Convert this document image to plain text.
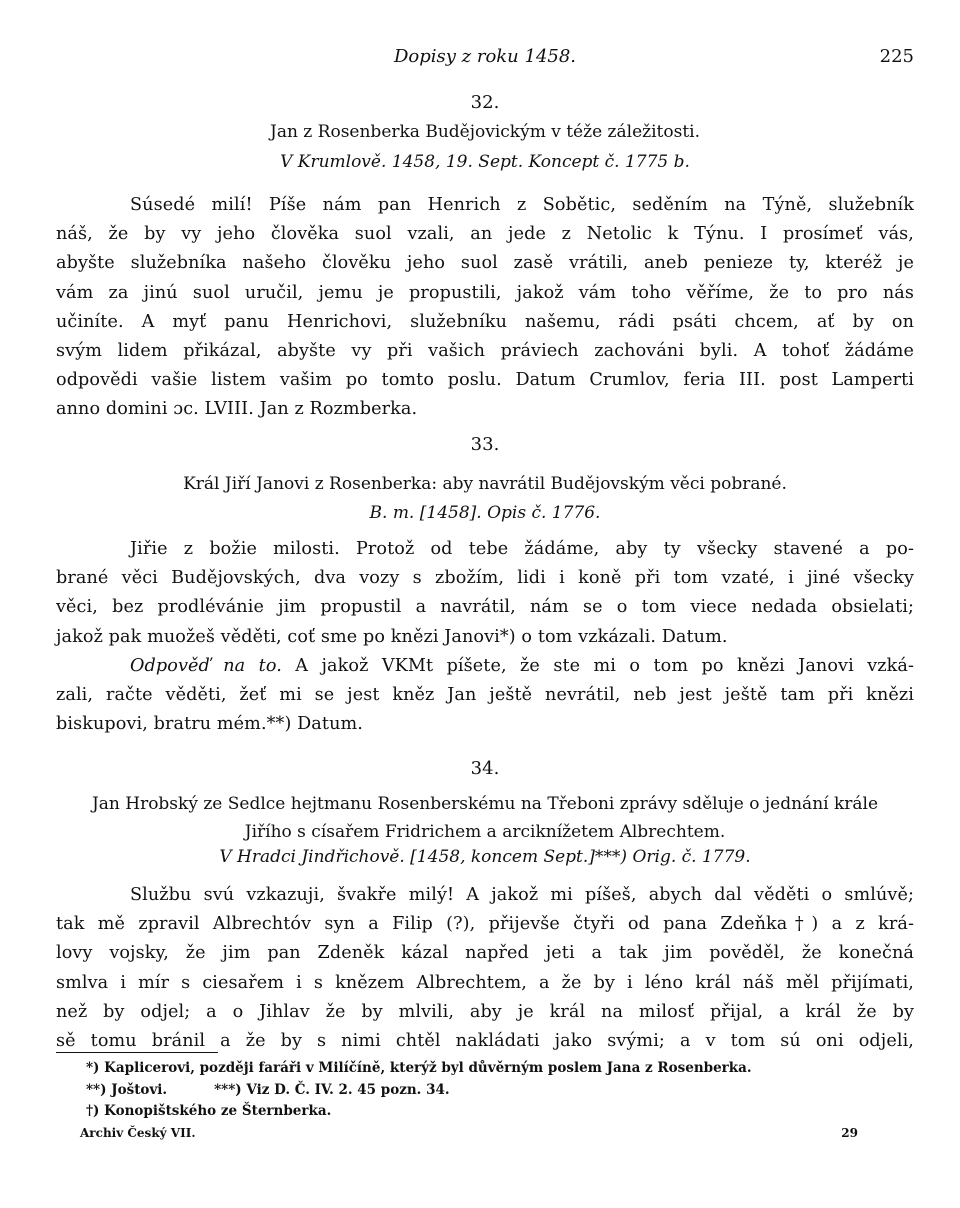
Dopisy z roku 1458.	225
32.
Jan z Rosenberka Budějovickým v téže záležitosti.
V Krumlově. 1458, 19. Sept. Koncept č. 1775 b.
Súsedé milí! Píše nám pan Henrich z Sobětic, seděním na Týně, služebník
náš, že by vy jeho člověka suol vzali, an jede z Netolic k Týnu. I prosímeť vás,
abyšte služebníka našeho člověku jeho suol zasě vrátili, aneb penieze ty, kteréž je
vám za jinú suol uručil, jemu je propustili, jakož vám toho věříme, že to pro nás
učiníte. A myť panu Henrichovi, služebníku našemu, rádi psáti chcem, ať by on
svým lidem přikázal, abyšte vy při vašich práviech zachováni byli. A tohoť žádáme
odpovědi vašie listem vašim po tomto poslu. Datum Crumlov, feria III. post Lamperti
anno domini ɔc. LVIII. Jan z Rozmberka.
33.
Král Jiří Janovi z Rosenberka: aby navrátil Budějovským věci pobrané.
B. m. [1458]. Opis č. 1776.
Jiřie z božie milosti. Protož od tebe žádáme, aby ty všecky stavené a po-
brané věci Budějovských, dva vozy s zbožím, lidi i koně při tom vzaté, i jiné všecky
věci, bez prodlévánie jim propustil a navrátil, nám se o tom viece nedada obsielati;
jakož pak muožeš věděti, coť sme po knězi Janovi*) o tom vzkázali. Datum.
Odpověď na to. A jakož VKMt píšete, že ste mi o tom po knězi Janovi vzká-
zali, račte věděti, žeť mi se jest kněz Jan ještě nevrátil, neb jest ještě tam při knězi
biskupovi, bratru mém.**) Datum.
34.
Jan Hrobský ze Sedlce hejtmanu Rosenberskému na Třeboni zprávy sděluje o jednání krále
Jiřího s císařem Fridrichem a arciknížetem Albrechtem.
V Hradci Jindřichově. [1458, koncem Sept.]***) Orig. č. 1779.
Službu svú vzkazuji, švakře milý! A jakož mi píšeš, abych dal věděti o smlúvě;
tak mě zpravil Albrechtóv syn a Filip (?), přijevše čtyři od pana Zdeňka†) a z krá-
lovy vojsky, že jim pan Zdeněk kázal napřed jeti a tak jim pověděl, že konečná
smlva i mír s ciesařem i s knězem Albrechtem, a že by i léno král náš měl přijímati,
než by odjel; a o Jihlav že by mlvili, aby je král na milosť přijal, a král že by
sě tomu bránil a že by s nimi chtěl nakládati jako svými; a v tom sú oni odjeli,
*) Kaplicerovi, později faráři v Milíčíně, kterýž byl důvěrným poslem Jana z Rosenberka.
**) Joštovi.          ***) Viz D. Č. IV. 2. 45 pozn. 34.
†) Konopištského ze Šternberka.
Archiv Český VII.	29
